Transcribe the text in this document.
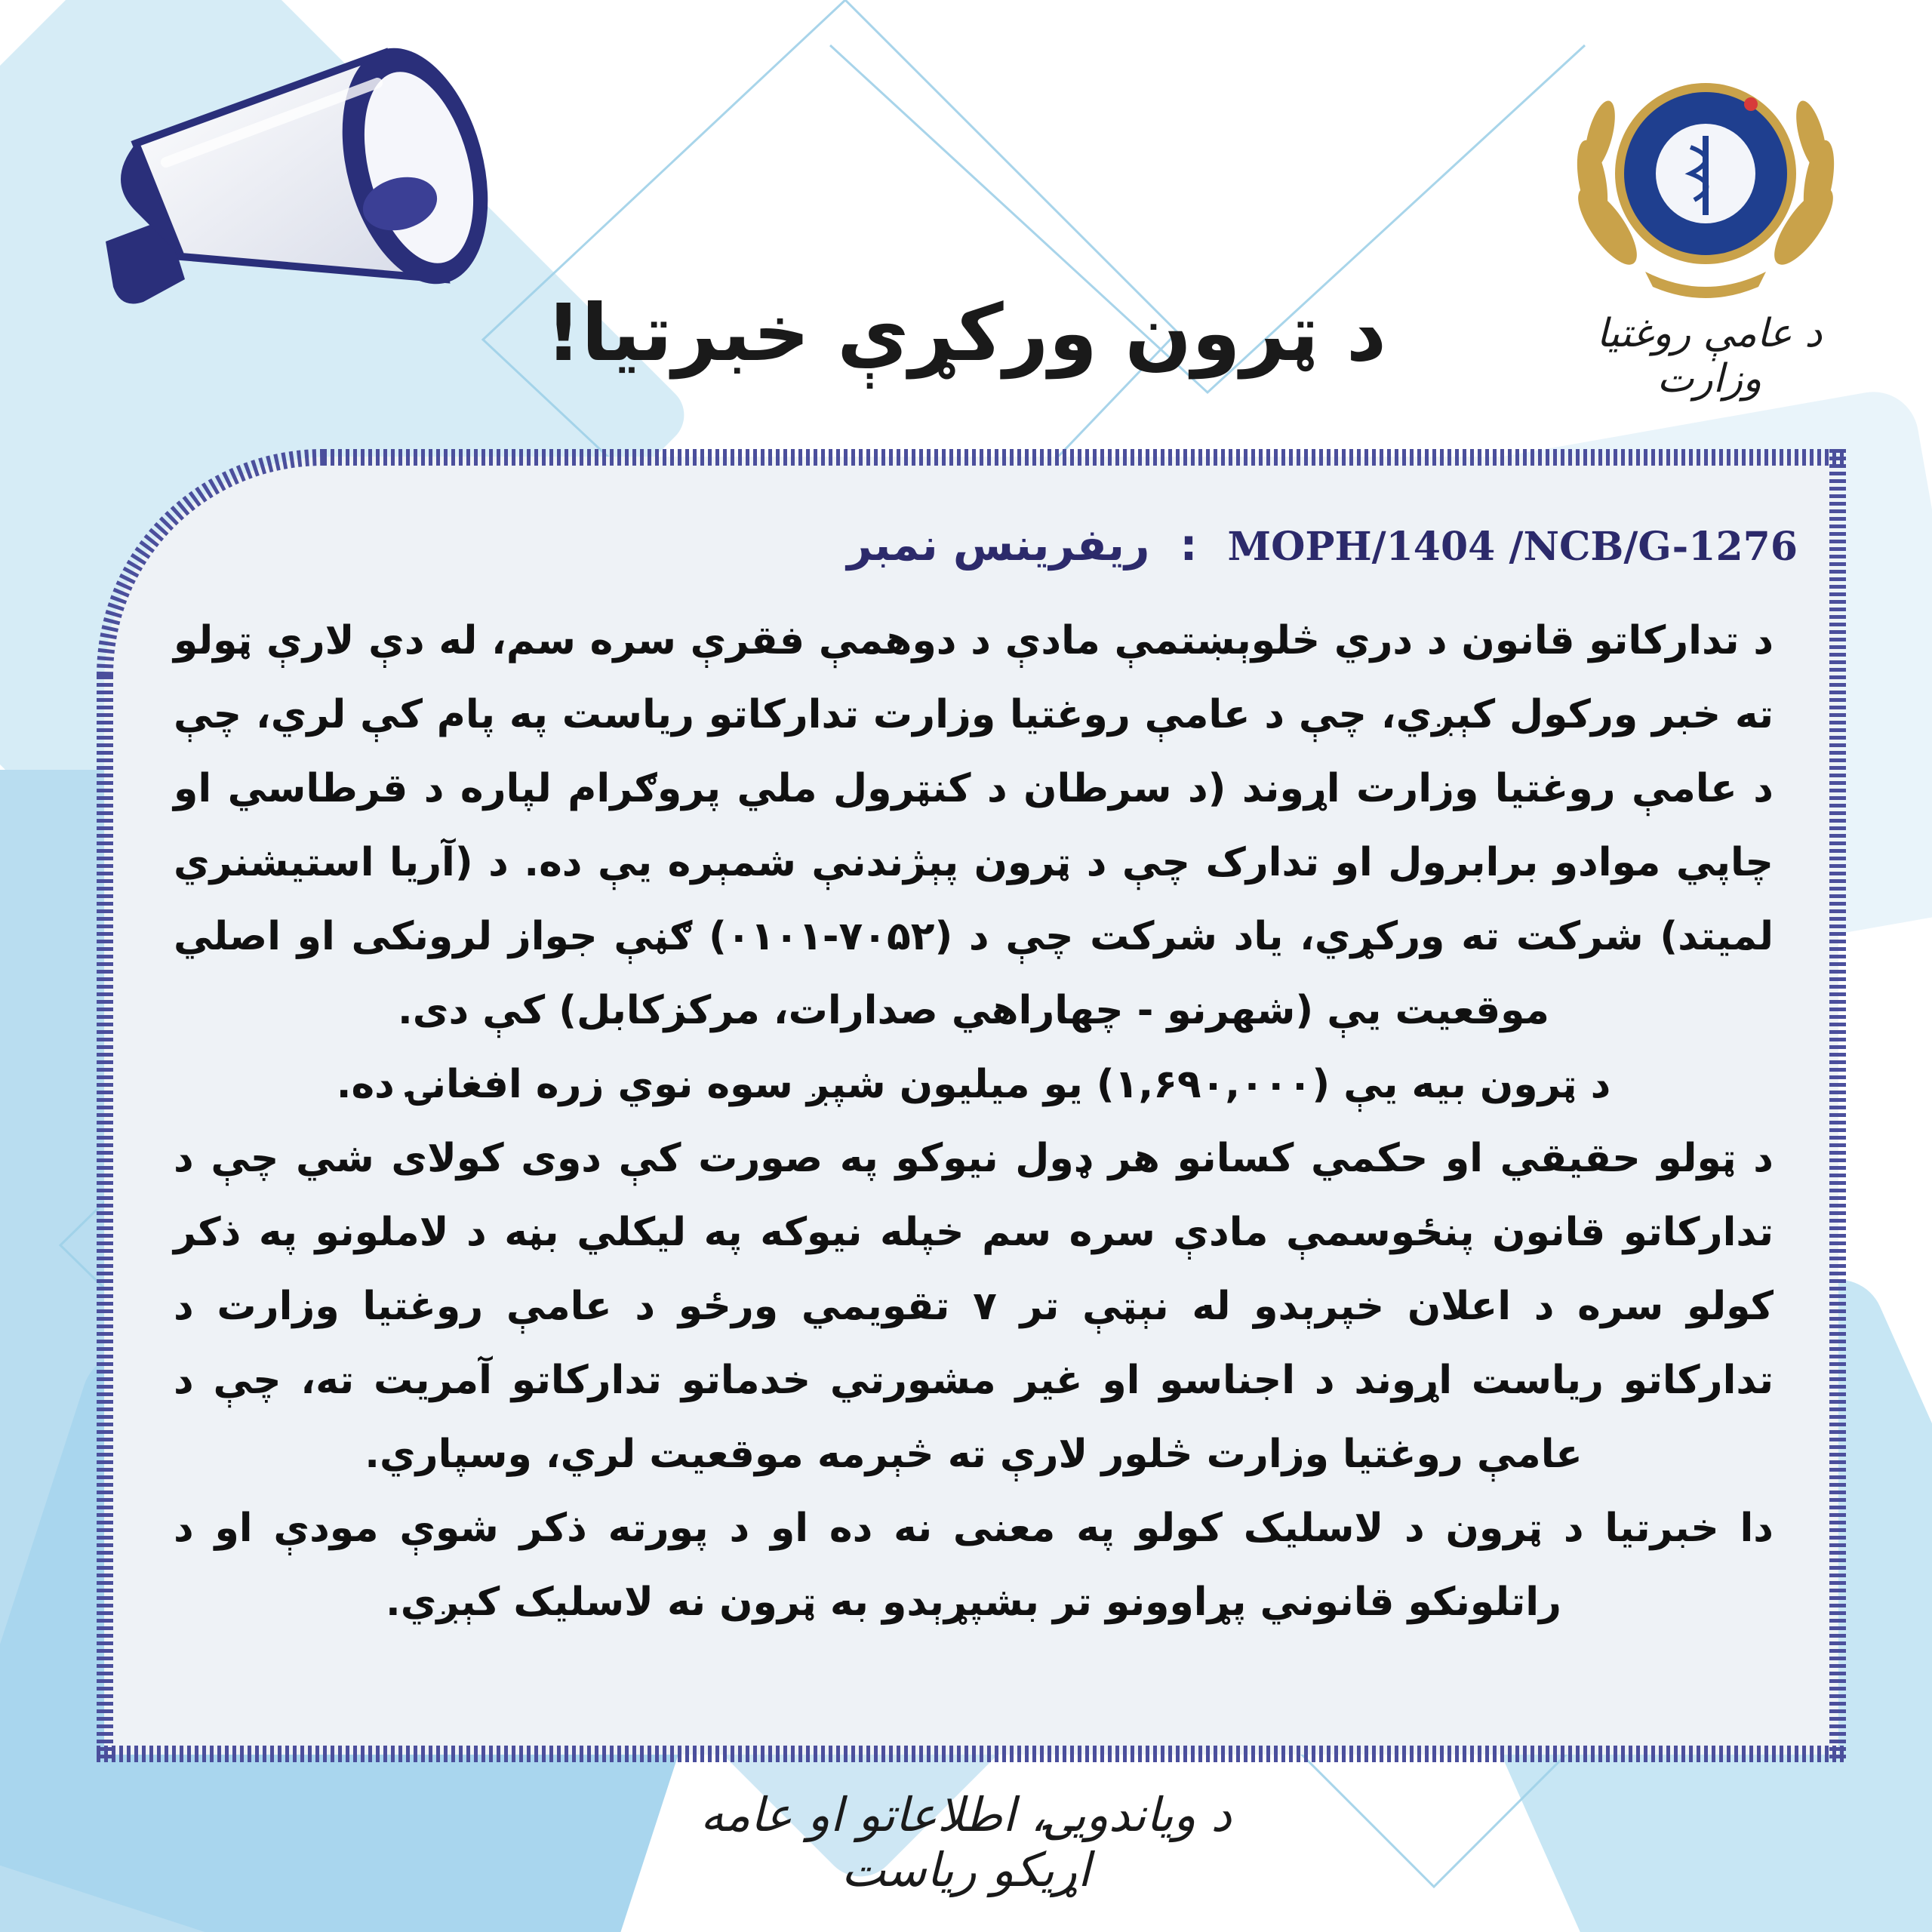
د عامې روغتیا وزارت
د ټرون ورکړې خبرتیا!
ریفرینس نمبر : MOPH/1404 /NCB/G-1276

د تدارکاتو قانون د دري څلوېښتمې مادې د دوهمې فقرې سره سم، له دې لارې ټولو ته خبر ورکول کېږي، چې د عامې روغتیا وزارت تدارکاتو ریاست په پام کې لري، چې د عامې روغتیا وزارت اړوند (د سرطان د کنټرول ملي پروګرام لپاره د قرطاسي او چاپي موادو برابرول او تدارک چې د ټرون پېژندنې شمېره یې ده. د (آریا استیشنري لمیتد) شرکت ته ورکړي، یاد شرکت چې د (۷۰۵۲-۰۱۰۱) ګڼې جواز لرونکی او اصلي موقعیت یې (شهرنو - چهاراهي صدارات، مرکزکابل) کې دی.

د ټرون بیه یې (۱,۶۹۰,۰۰۰) یو میلیون شپږ سوه نوي زره افغانۍ ده.

د ټولو حقیقي او حکمي کسانو هر ډول نیوکو په صورت کې دوی کولای شي چې د تدارکاتو قانون پنځوسمې مادې سره سم خپله نیوکه په لیکلي بڼه د لاملونو په ذکر کولو سره د اعلان خپرېدو له نېټې تر ۷ تقویمي ورځو د عامې روغتیا وزارت د تدارکاتو ریاست اړوند د اجناسو او غیر مشورتي خدماتو تدارکاتو آمریت ته، چې د عامې روغتیا وزارت څلور لارې ته څېرمه موقعیت لري، وسپاري.

دا خبرتیا د ټرون د لاسلیک کولو په معنی نه ده او د پورته ذکر شوې مودې او د راتلونکو قانوني پړاوونو تر بشپړېدو به ټرون نه لاسلیک کېږي.

د ویاندویۍ، اطلاعاتو او عامه اړیکو ریاست
